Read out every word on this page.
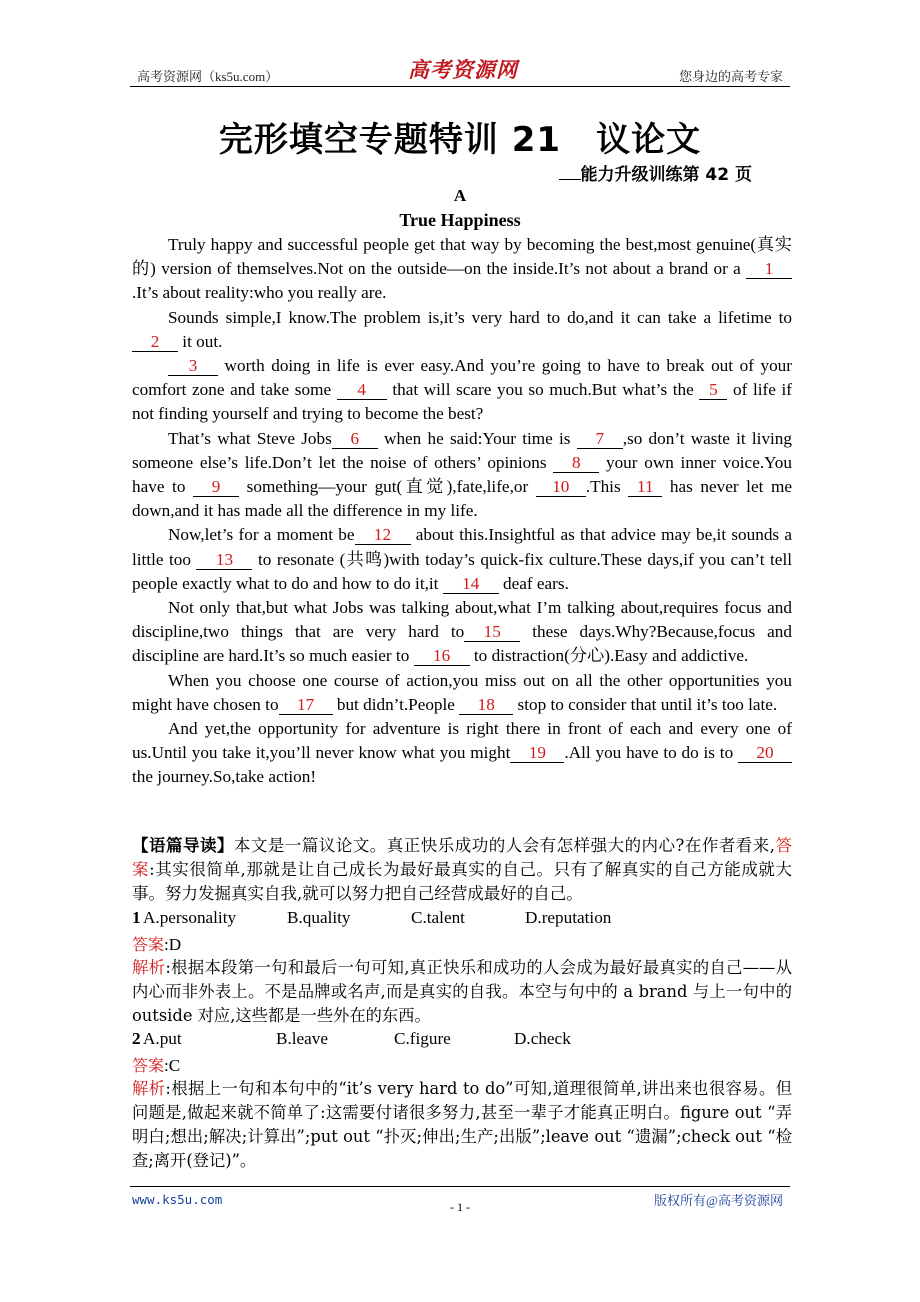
高考资源网（ks5u.com）	高考资源网	您身边的高考专家
完形填空专题特训 21　议论文
能力升级训练第 42 页
A
True Happiness

Truly happy and successful people get that way by becoming the best,most genuine(真实的) version of themselves.Not on the outside—on the inside.It’s not about a brand or a 1.It’s about reality:who you really are.

Sounds simple,I know.The problem is,it’s very hard to do,and it can take a lifetime to 2 it out.

3 worth doing in life is ever easy.And you’re going to have to break out of your comfort zone and take some 4 that will scare you so much.But what’s the 5 of life if not finding yourself and trying to become the best?

That’s what Steve Jobs 6 when he said:Your time is 7 ,so don’t waste it living someone else’s life.Don’t let the noise of others’ opinions 8 your own inner voice.You have to 9 something—your gut(直觉),fate,life,or 10 .This 11 has never let me down,and it has made all the difference in my life.

Now,let’s for a moment be 12 about this.Insightful as that advice may be,it sounds a little too 13 to resonate (共鸣)with today’s quick-fix culture.These days,if you can’t tell people exactly what to do and how to do it,it 14 deaf ears.

Not only that,but what Jobs was talking about,what I’m talking about,requires focus and discipline,two things that are very hard to 15 these days.Why?Because,focus and discipline are hard.It’s so much easier to 16 to distraction(分心).Easy and addictive.

When you choose one course of action,you miss out on all the other opportunities you might have chosen to 17 but didn’t.People 18 stop to consider that until it’s too late.

And yet,the opportunity for adventure is right there in front of each and every one of us.Until you take it,you’ll never know what you might 19 .All you have to do is to 20 the journey.So,take action!

【语篇导读】本文是一篇议论文。真正快乐成功的人会有怎样强大的内心?在作者看来,答案:其实很简单,那就是让自己成长为最好最真实的自己。只有了解真实的自己方能成就大事。努力发掘真实自我,就可以努力把自己经营成最好的自己。

1 A.personality	B.quality	C.talent	D.reputation
答案:D
解析:根据本段第一句和最后一句可知,真正快乐和成功的人会成为最好最真实的自己——从内心而非外表上。不是品牌或名声,而是真实的自我。本空与句中的 a brand 与上一句中的 outside 对应,这些都是一些外在的东西。
2 A.put	B.leave	C.figure	D.check
答案:C
解析:根据上一句和本句中的“it’s very hard to do”可知,道理很简单,讲出来也很容易。但问题是,做起来就不简单了:这需要付诸很多努力,甚至一辈子才能真正明白。figure out “弄明白;想出;解决;计算出”;put out “扑灭;伸出;生产;出版”;leave out “遗漏”;check out “检查;离开(登记)”。
www.ks5u.com	- 1 -	版权所有@高考资源网
